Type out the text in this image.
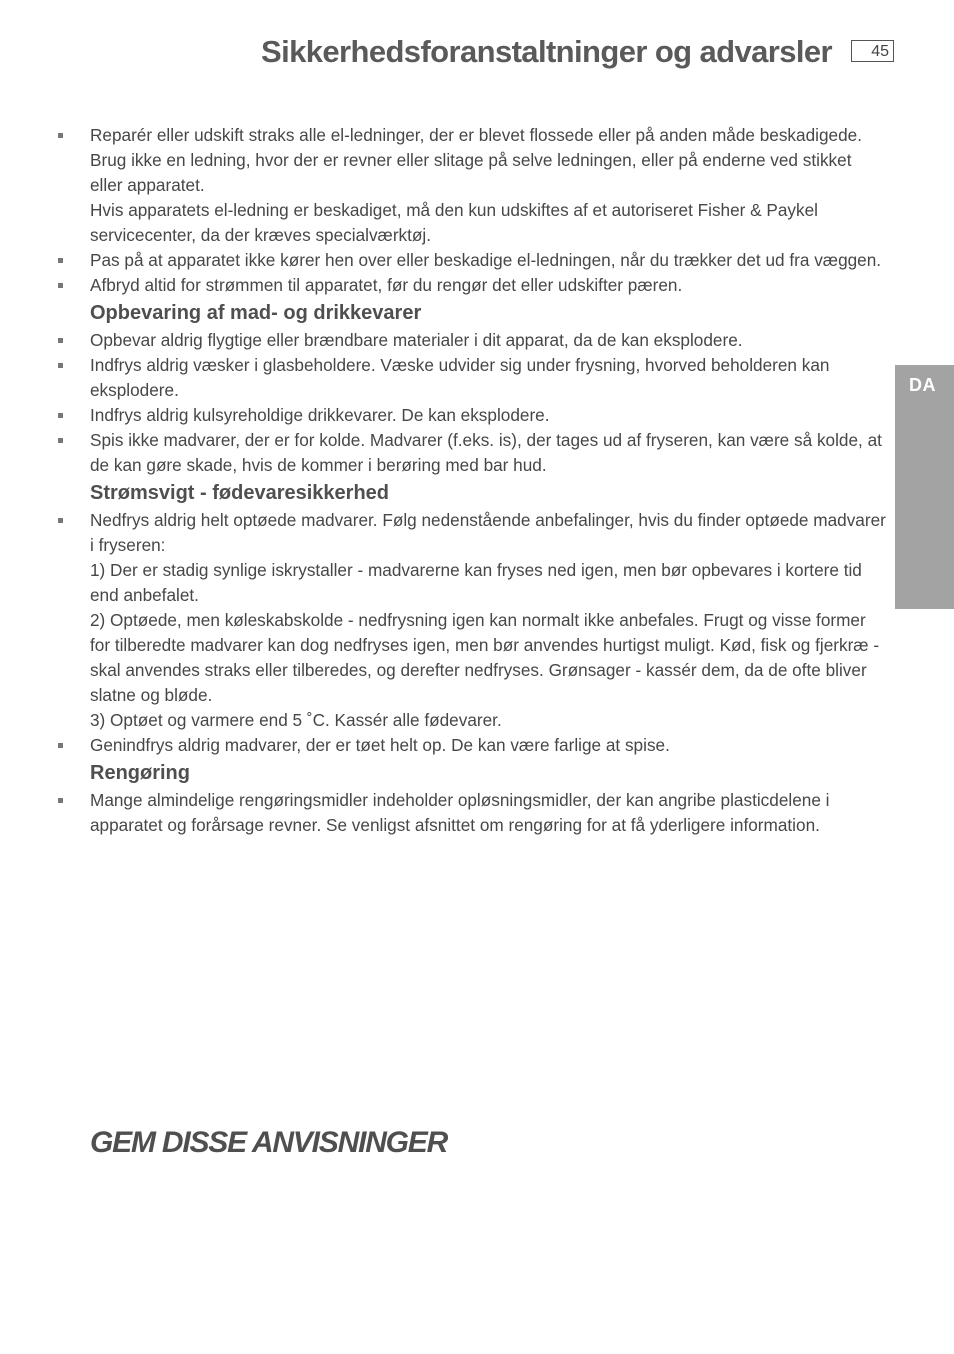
Sikkerhedsforanstaltninger og advarsler	45
DA
Reparér eller udskift straks alle el-ledninger, der er blevet flossede eller på anden måde beskadigede. Brug ikke en ledning, hvor der er revner eller slitage på selve ledningen, eller på enderne ved stikket eller apparatet.
Hvis apparatets el-ledning er beskadiget, må den kun udskiftes af et autoriseret Fisher & Paykel servicecenter, da der kræves specialværktøj.
Pas på at apparatet ikke kører hen over eller beskadige el-ledningen, når du trækker det ud fra væggen.
Afbryd altid for strømmen til apparatet, før du rengør det eller udskifter pæren.
Opbevaring af mad- og drikkevarer
Opbevar aldrig flygtige eller brændbare materialer i dit apparat, da de kan eksplodere.
Indfrys aldrig væsker i glasbeholdere. Væske udvider sig under frysning, hvorved beholderen kan eksplodere.
Indfrys aldrig kulsyreholdige drikkevarer. De kan eksplodere.
Spis ikke madvarer, der er for kolde. Madvarer (f.eks. is), der tages ud af fryseren, kan være så kolde, at de kan gøre skade, hvis de kommer i berøring med bar hud.
Strømsvigt - fødevaresikkerhed
Nedfrys aldrig helt optøede madvarer. Følg nedenstående anbefalinger, hvis du finder optøede madvarer i fryseren:
1) Der er stadig synlige iskrystaller - madvarerne kan fryses ned igen, men bør opbevares i kortere tid end anbefalet.
2) Optøede, men køleskabskolde - nedfrysning igen kan normalt ikke anbefales. Frugt og visse former for tilberedte madvarer kan dog nedfryses igen, men bør anvendes hurtigst muligt. Kød, fisk og fjerkræ - skal anvendes straks eller tilberedes, og derefter nedfryses. Grønsager - kassér dem, da de ofte bliver slatne og bløde.
3) Optøet og varmere end 5 ˚C. Kassér alle fødevarer.
Genindfrys aldrig madvarer, der er tøet helt op. De kan være farlige at spise.
Rengøring
Mange almindelige rengøringsmidler indeholder opløsningsmidler, der kan angribe plasticdelene i apparatet og forårsage revner. Se venligst afsnittet om rengøring for at få yderligere information.
GEM DISSE ANVISNINGER
